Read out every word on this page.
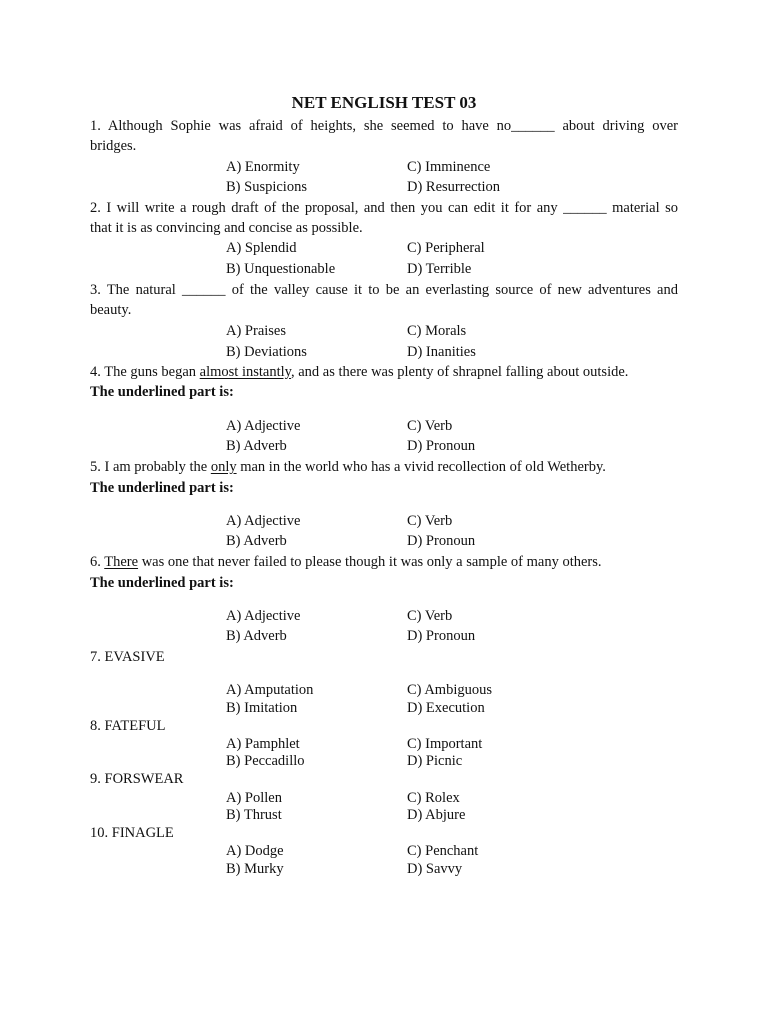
NET ENGLISH TEST 03
1. Although Sophie was afraid of heights, she seemed to have no______ about driving over
bridges.
A) Enormity	C) Imminence
B) Suspicions	D) Resurrection
2. I will write a rough draft of the proposal, and then you can edit it for any ______ material so
that it is as convincing and concise as possible.
A) Splendid	C) Peripheral
B) Unquestionable	D) Terrible
3. The natural ______ of the valley cause it to be an everlasting source of new adventures and
beauty.
A) Praises	C) Morals
B) Deviations	D) Inanities
4. The guns began almost instantly, and as there was plenty of shrapnel falling about outside.
The underlined part is:
A) Adjective	C) Verb
B) Adverb	D) Pronoun
5. I am probably the only man in the world who has a vivid recollection of old Wetherby.
The underlined part is:
A) Adjective	C) Verb
B) Adverb	D) Pronoun
6. There was one that never failed to please though it was only a sample of many others.
The underlined part is:
A) Adjective	C) Verb
B) Adverb	D) Pronoun
7. EVASIVE
A) Amputation	C) Ambiguous
B) Imitation	D) Execution
8. FATEFUL
A) Pamphlet	C) Important
B) Peccadillo	D) Picnic
9. FORSWEAR
A) Pollen	C) Rolex
B) Thrust	D) Abjure
10. FINAGLE
A) Dodge	C) Penchant
B) Murky	D) Savvy
